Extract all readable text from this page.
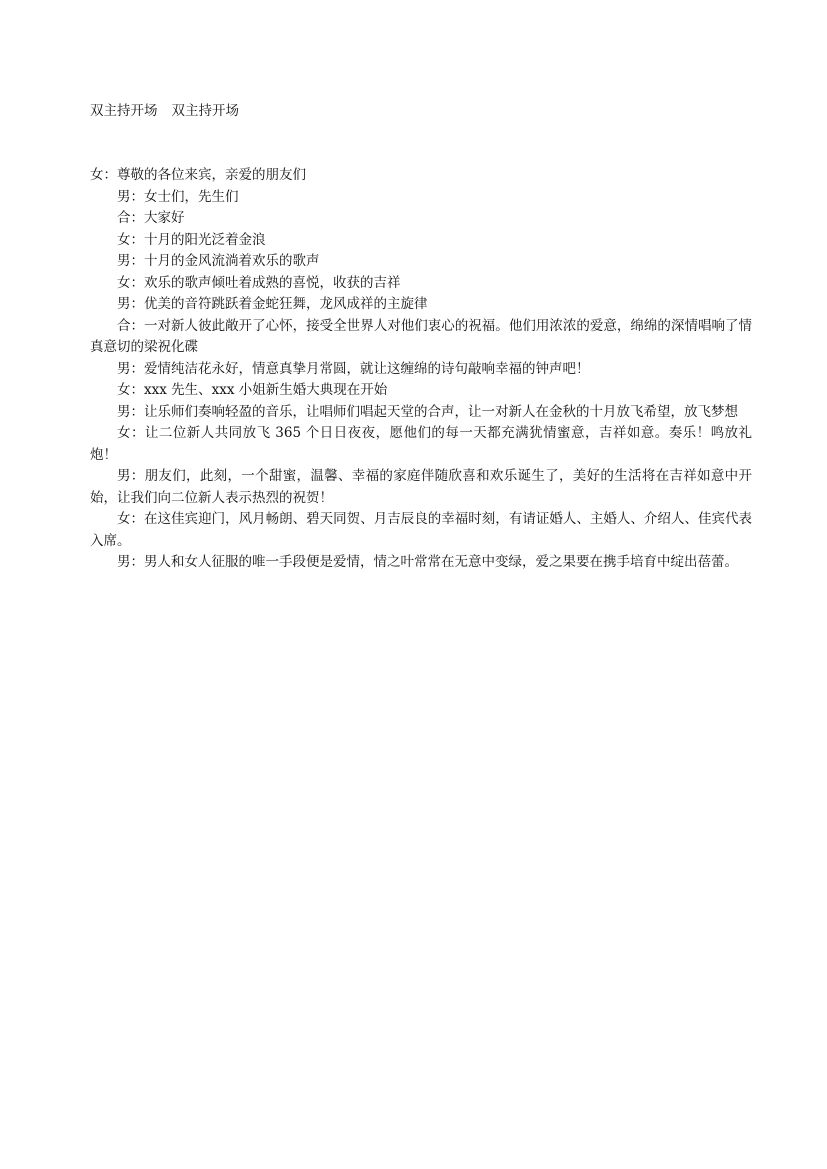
双主持开场 双主持开场

女：尊敬的各位来宾，亲爱的朋友们

男：女士们，先生们

合：大家好

女：十月的阳光泛着金浪

男：十月的金风流淌着欢乐的歌声

女：欢乐的歌声倾吐着成熟的喜悦，收获的吉祥

男：优美的音符跳跃着金蛇狂舞，龙风成祥的主旋律

合：一对新人彼此敞开了心怀，接受全世界人对他们衷心的祝福。他们用浓浓的爱意，绵绵的深情唱响了情真意切的梁祝化碟

男：爱情纯洁花永好，情意真挚月常圆，就让这缠绵的诗句敲响幸福的钟声吧！

女：xxx 先生、xxx 小姐新生婚大典现在开始

男：让乐师们奏响轻盈的音乐，让唱师们唱起天堂的合声，让一对新人在金秋的十月放飞希望，放飞梦想

女：让二位新人共同放飞 365 个日日夜夜，愿他们的每一天都充满犹情蜜意，吉祥如意。奏乐！鸣放礼炮！

男：朋友们，此刻，一个甜蜜，温馨、幸福的家庭伴随欣喜和欢乐诞生了，美好的生活将在吉祥如意中开始，让我们向二位新人表示热烈的祝贺！

女：在这佳宾迎门，风月畅朗、碧天同贺、月吉辰良的幸福时刻，有请证婚人、主婚人、介绍人、佳宾代表入席。

男：男人和女人征服的唯一手段便是爱情，情之叶常常在无意中变绿，爱之果要在携手培育中绽出蓓蕾。
